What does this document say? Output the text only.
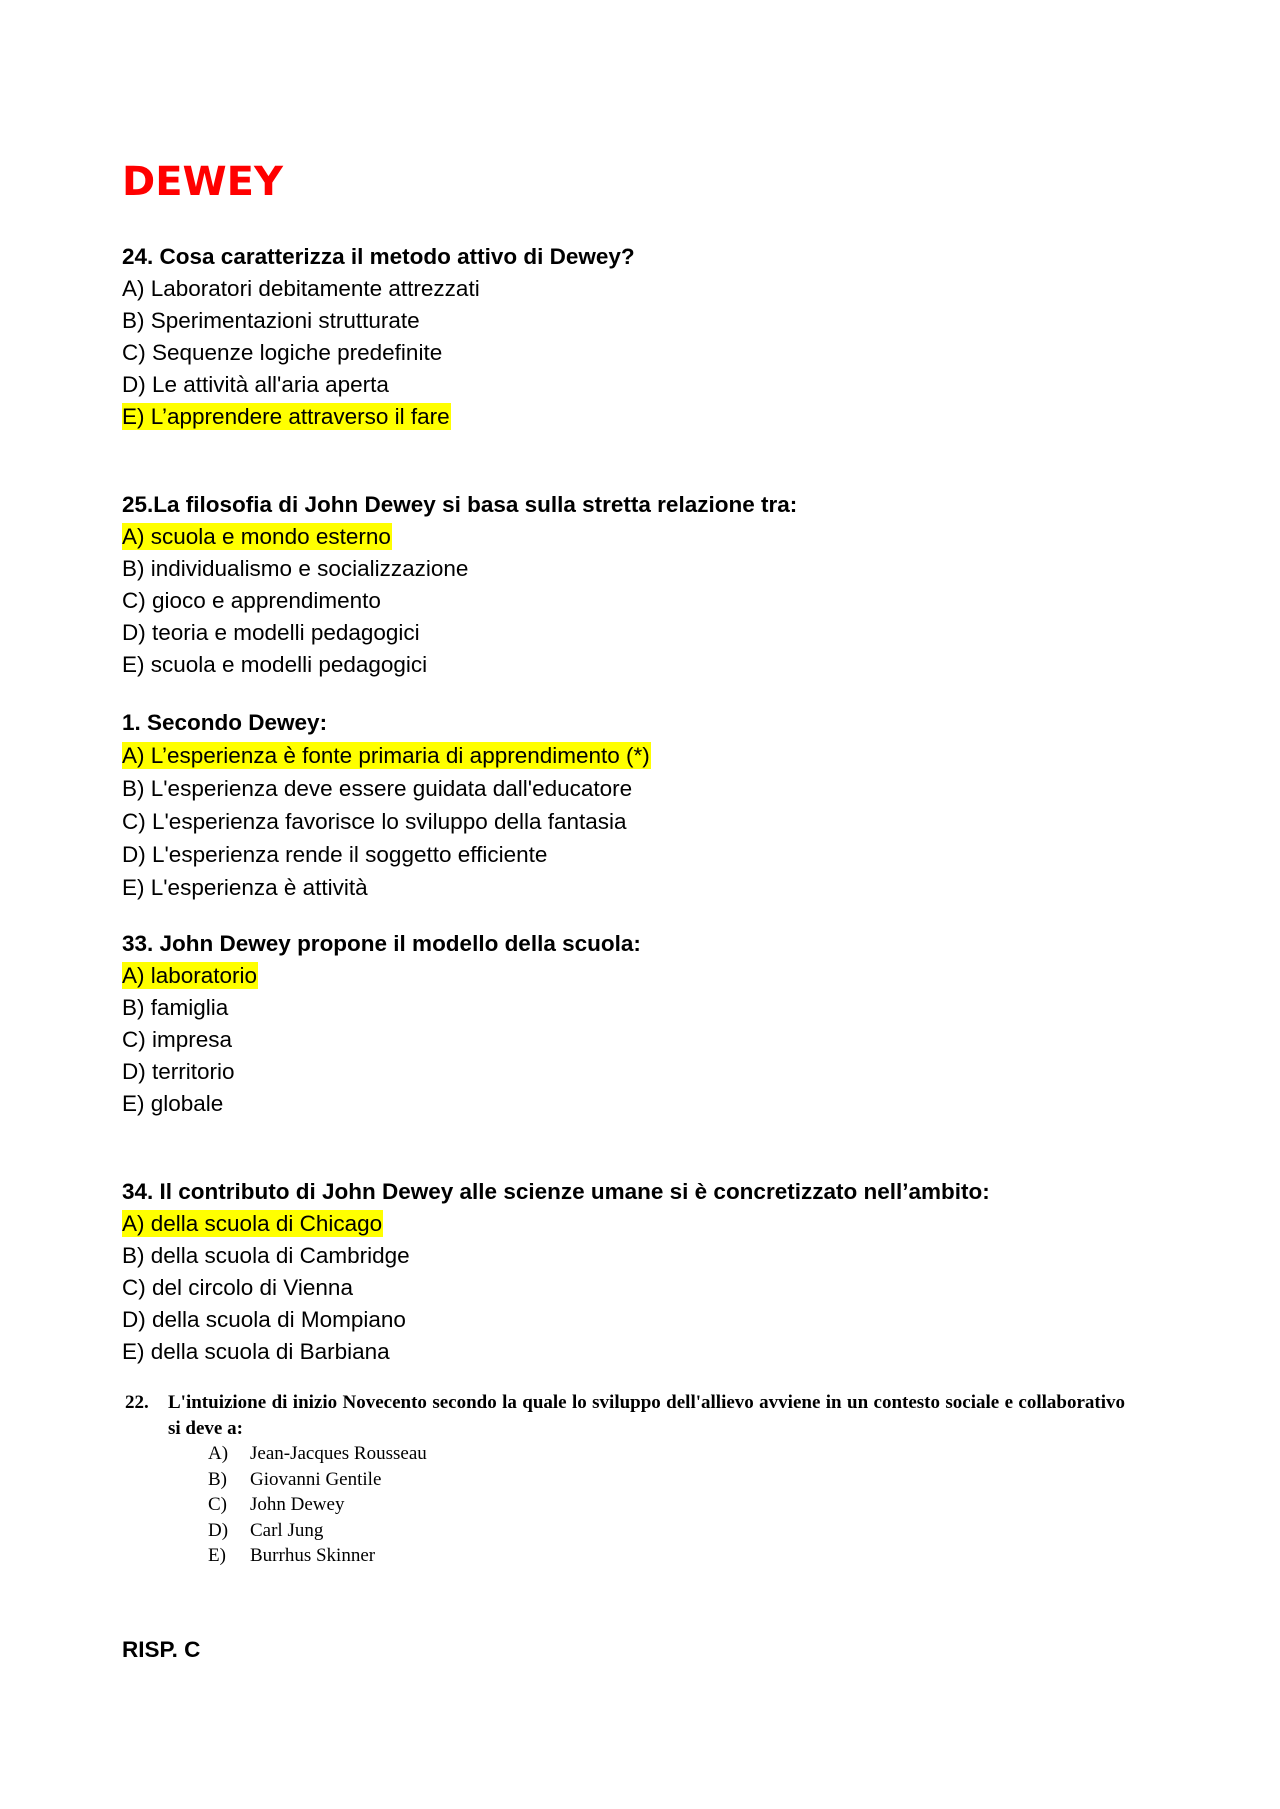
DEWEY
24. Cosa caratterizza il metodo attivo di Dewey?
A) Laboratori debitamente attrezzati
B) Sperimentazioni strutturate
C) Sequenze logiche predefinite
D) Le attività all'aria aperta
E) L’apprendere attraverso il fare
25.La filosofia di John Dewey si basa sulla stretta relazione tra:
A) scuola e mondo esterno
B) individualismo e socializzazione
C) gioco e apprendimento
D) teoria e modelli pedagogici
E) scuola e modelli pedagogici
1. Secondo Dewey:
A) L’esperienza è fonte primaria di apprendimento (*)
B) L'esperienza deve essere guidata dall'educatore
C) L'esperienza favorisce lo sviluppo della fantasia
D) L'esperienza rende il soggetto efficiente
E) L'esperienza è attività
33. John Dewey propone il modello della scuola:
A) laboratorio
B) famiglia
C) impresa
D) territorio
E) globale
34. Il contributo di John Dewey alle scienze umane si è concretizzato nell’ambito:
A) della scuola di Chicago
B) della scuola di Cambridge
C) del circolo di Vienna
D) della scuola di Mompiano
E) della scuola di Barbiana
22.	L'intuizione di inizio Novecento secondo la quale lo sviluppo dell'allievo avviene in un contesto sociale e collaborativo si deve a:
A)	Jean-Jacques Rousseau
B)	Giovanni Gentile
C)	John Dewey
D)	Carl Jung
E)	Burrhus Skinner
RISP. C
